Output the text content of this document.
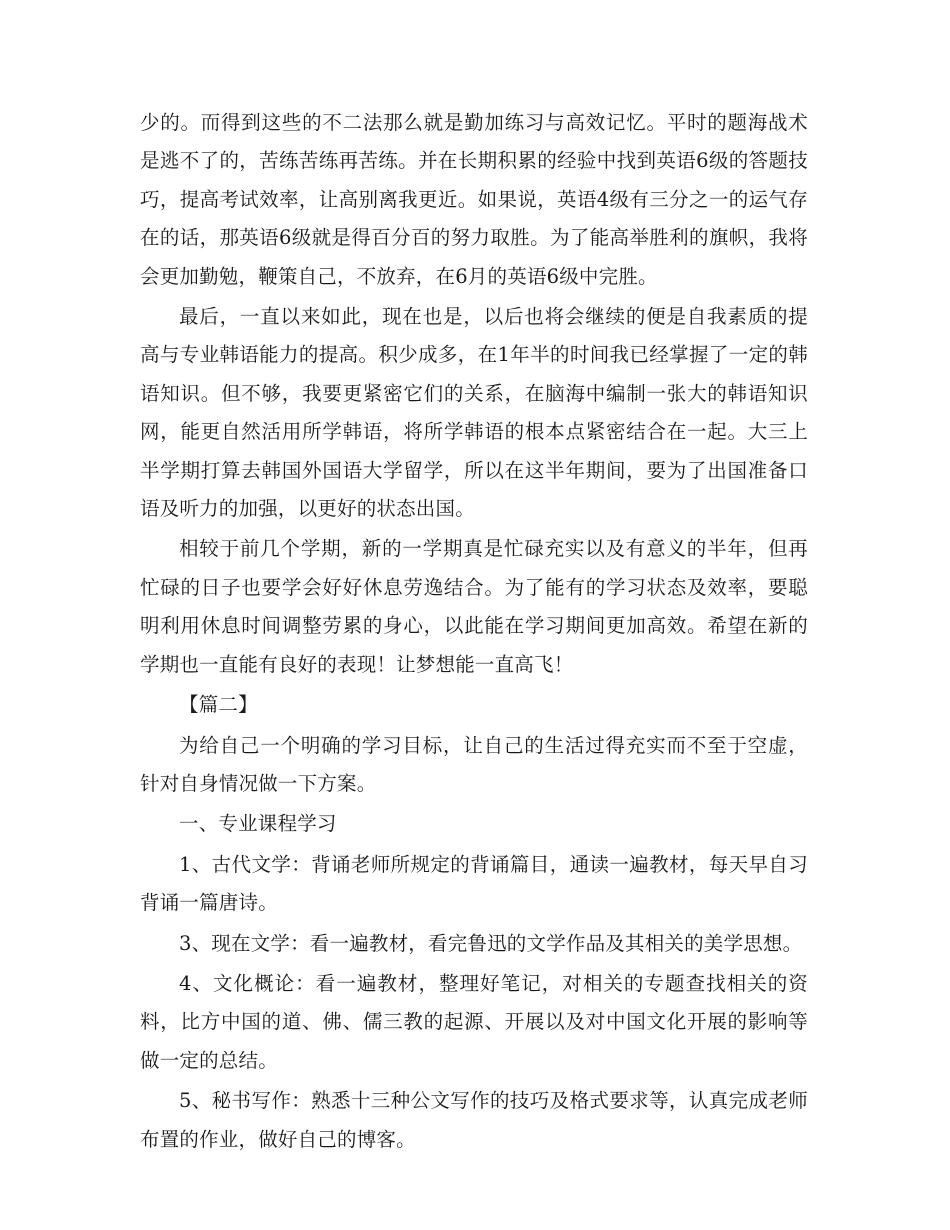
少的。而得到这些的不二法那么就是勤加练习与高效记忆。平时的题海战术是逃不了的，苦练苦练再苦练。并在长期积累的经验中找到英语6级的答题技巧，提高考试效率，让高别离我更近。如果说，英语4级有三分之一的运气存在的话，那英语6级就是得百分百的努力取胜。为了能高举胜利的旗帜，我将会更加勤勉，鞭策自己，不放弃，在6月的英语6级中完胜。

最后，一直以来如此，现在也是，以后也将会继续的便是自我素质的提高与专业韩语能力的提高。积少成多，在1年半的时间我已经掌握了一定的韩语知识。但不够，我要更紧密它们的关系，在脑海中编制一张大的韩语知识网，能更自然活用所学韩语，将所学韩语的根本点紧密结合在一起。大三上半学期打算去韩国外国语大学留学，所以在这半年期间，要为了出国准备口语及听力的加强，以更好的状态出国。

相较于前几个学期，新的一学期真是忙碌充实以及有意义的半年，但再忙碌的日子也要学会好好休息劳逸结合。为了能有的学习状态及效率，要聪明利用休息时间调整劳累的身心，以此能在学习期间更加高效。希望在新的学期也一直能有良好的表现！让梦想能一直高飞！

【篇二】

为给自己一个明确的学习目标，让自己的生活过得充实而不至于空虚，针对自身情况做一下方案。

一、专业课程学习

1、古代文学：背诵老师所规定的背诵篇目，通读一遍教材，每天早自习背诵一篇唐诗。

3、现在文学：看一遍教材，看完鲁迅的文学作品及其相关的美学思想。

4、文化概论：看一遍教材，整理好笔记，对相关的专题查找相关的资料，比方中国的道、佛、儒三教的起源、开展以及对中国文化开展的影响等做一定的总结。

5、秘书写作：熟悉十三种公文写作的技巧及格式要求等，认真完成老师布置的作业，做好自己的博客。
